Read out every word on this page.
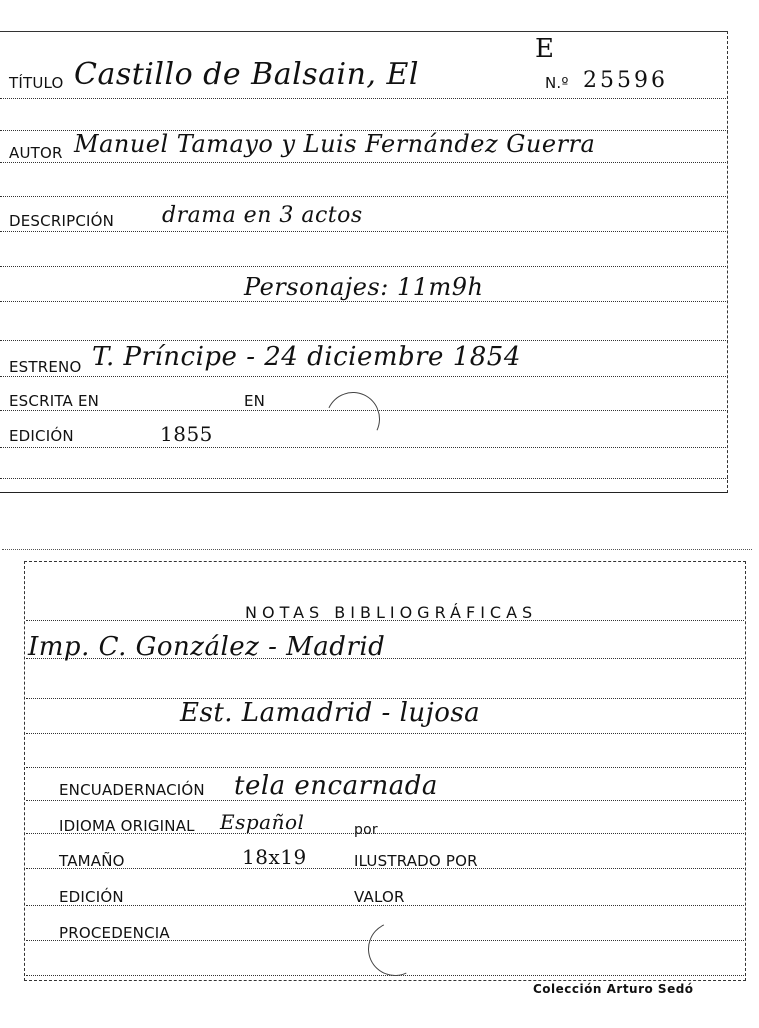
E
TÍTULO Castillo de Balsain, El	N.º 25596
AUTOR Manuel Tamayo y Luis Fernández Guerra
DESCRIPCIÓN drama en 3 actos
Personajes: 11m9h
ESTRENO T. Príncipe - 24 diciembre 1854
ESCRITA EN	EN
EDICIÓN	1855
NOTAS BIBLIOGRÁFICAS
Imp. C. González - Madrid
Est. Lamadrid - lujosa
ENCUADERNACIÓN tela encarnada
IDIOMA ORIGINAL Español	por
TAMAÑO	18x19	ILUSTRADO POR
EDICIÓN	VALOR
PROCEDENCIA
Colección Arturo Sedó
